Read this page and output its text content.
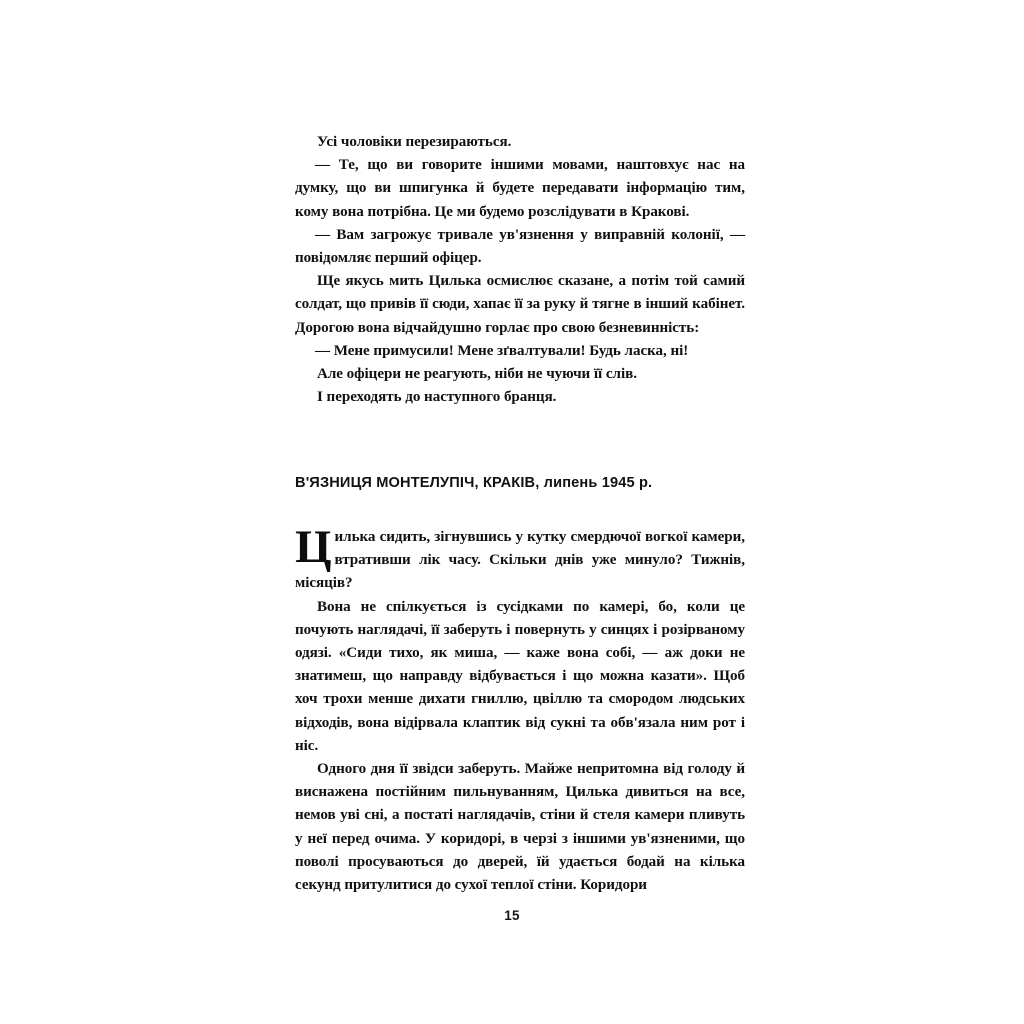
Усі чоловіки перезираються.

— Те, що ви говорите іншими мовами, наштовхує нас на думку, що ви шпигунка й будете передавати інформацію тим, кому вона потрібна. Це ми будемо розслідувати в Кракові.

— Вам загрожує тривале ув'язнення у виправній колонії, — повідомляє перший офіцер.

Ще якусь мить Цилька осмислює сказане, а потім той самий солдат, що привів її сюди, хапає її за руку й тягне в інший кабінет. Дорогою вона відчайдушно горлає про свою безневинність:

— Мене примусили! Мене зґвалтували! Будь ласка, ні!

Але офіцери не реагують, ніби не чуючи її слів.

І переходять до наступного бранця.

В'ЯЗНИЦЯ МОНТЕЛУПІЧ, КРАКІВ, липень 1945 р.

Цилька сидить, зігнувшись у кутку смердючої вогкої камери, втративши лік часу. Скільки днів уже минуло? Тижнів, місяців?

Вона не спілкується із сусідками по камері, бо, коли це почують наглядачі, її заберуть і повернуть у синцях і розірваному одязі. «Сиди тихо, як миша, — каже вона собі, — аж доки не знатимеш, що направду відбувається і що можна казати». Щоб хоч трохи менше дихати гниллю, цвіллю та смородом людських відходів, вона відірвала клаптик від сукні та обв'язала ним рот і ніс.

Одного дня її звідси заберуть. Майже непритомна від голоду й виснажена постійним пильнуванням, Цилька дивиться на все, немов уві сні, а постаті наглядачів, стіни й стеля камери пливуть у неї перед очима. У коридорі, в черзі з іншими ув'язненими, що поволі просуваються до дверей, їй удається бодай на кілька секунд притулитися до сухої теплої стіни. Коридори

15
